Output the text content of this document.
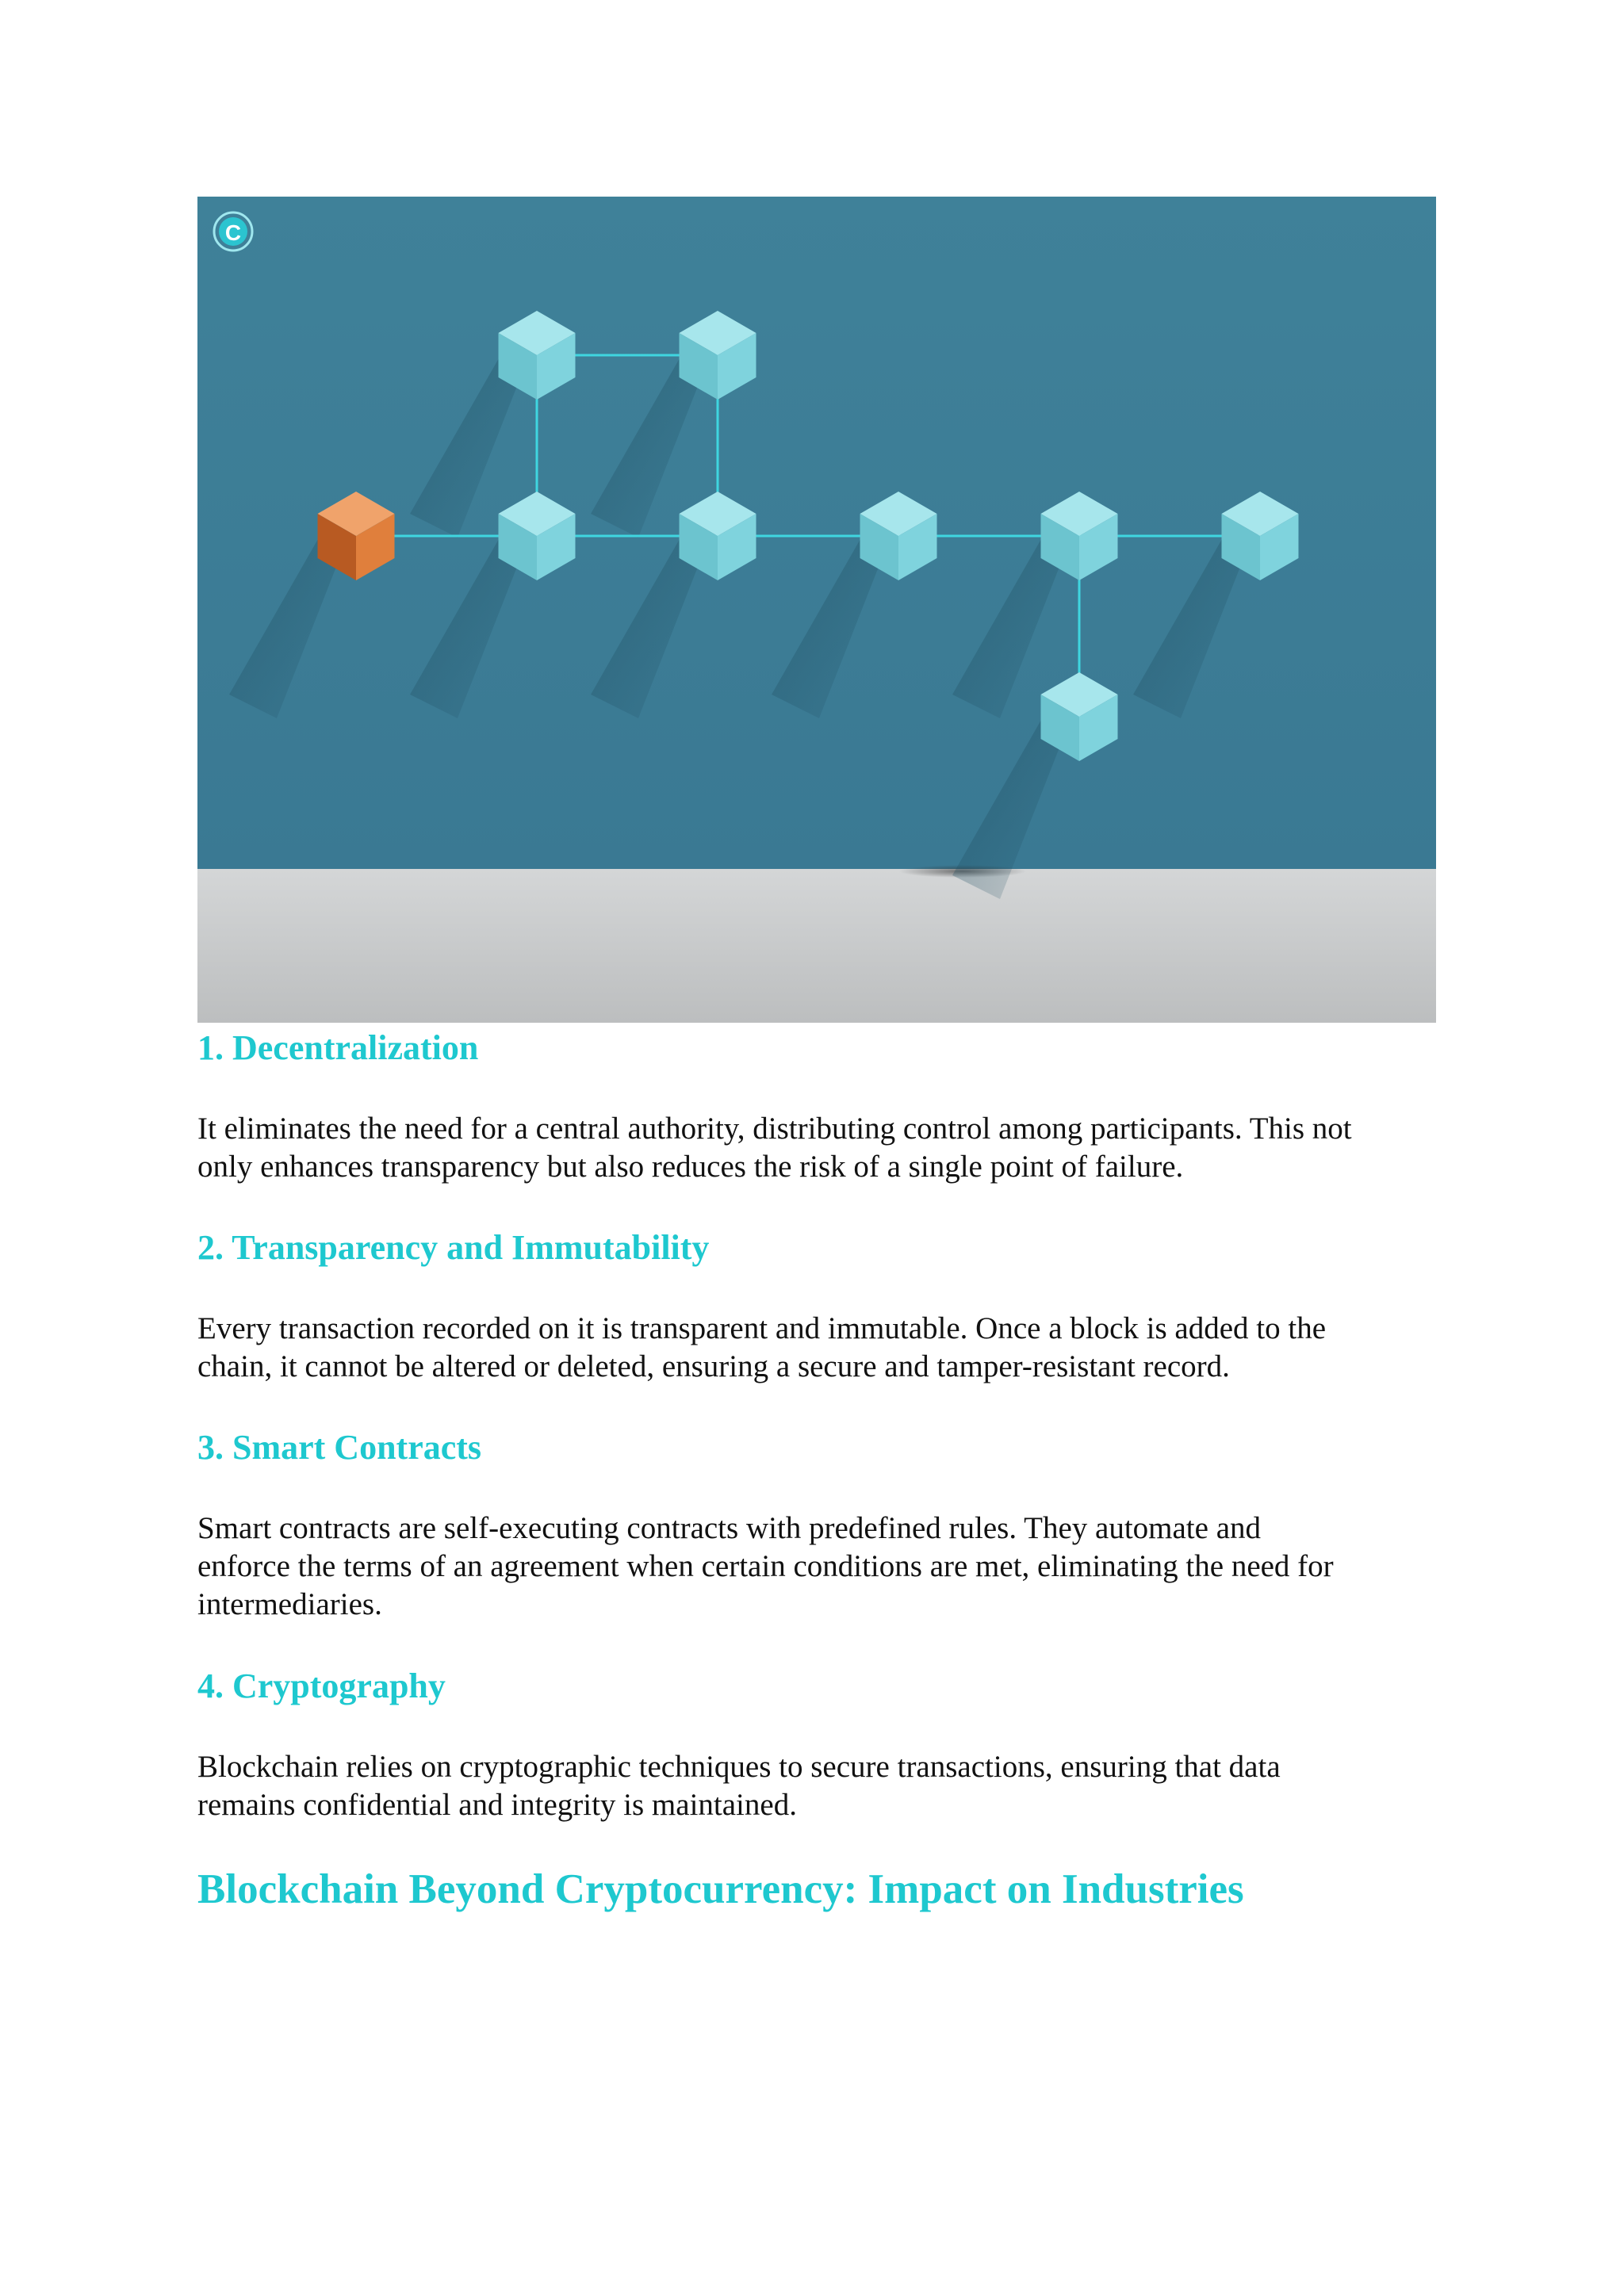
C
1. Decentralization

It eliminates the need for a central authority, distributing control among participants. This not
only enhances transparency but also reduces the risk of a single point of failure.

2. Transparency and Immutability

Every transaction recorded on it is transparent and immutable. Once a block is added to the
chain, it cannot be altered or deleted, ensuring a secure and tamper-resistant record.

3. Smart Contracts

Smart contracts are self-executing contracts with predefined rules. They automate and
enforce the terms of an agreement when certain conditions are met, eliminating the need for
intermediaries.

4. Cryptography

Blockchain relies on cryptographic techniques to secure transactions, ensuring that data
remains confidential and integrity is maintained.

Blockchain Beyond Cryptocurrency: Impact on Industries
